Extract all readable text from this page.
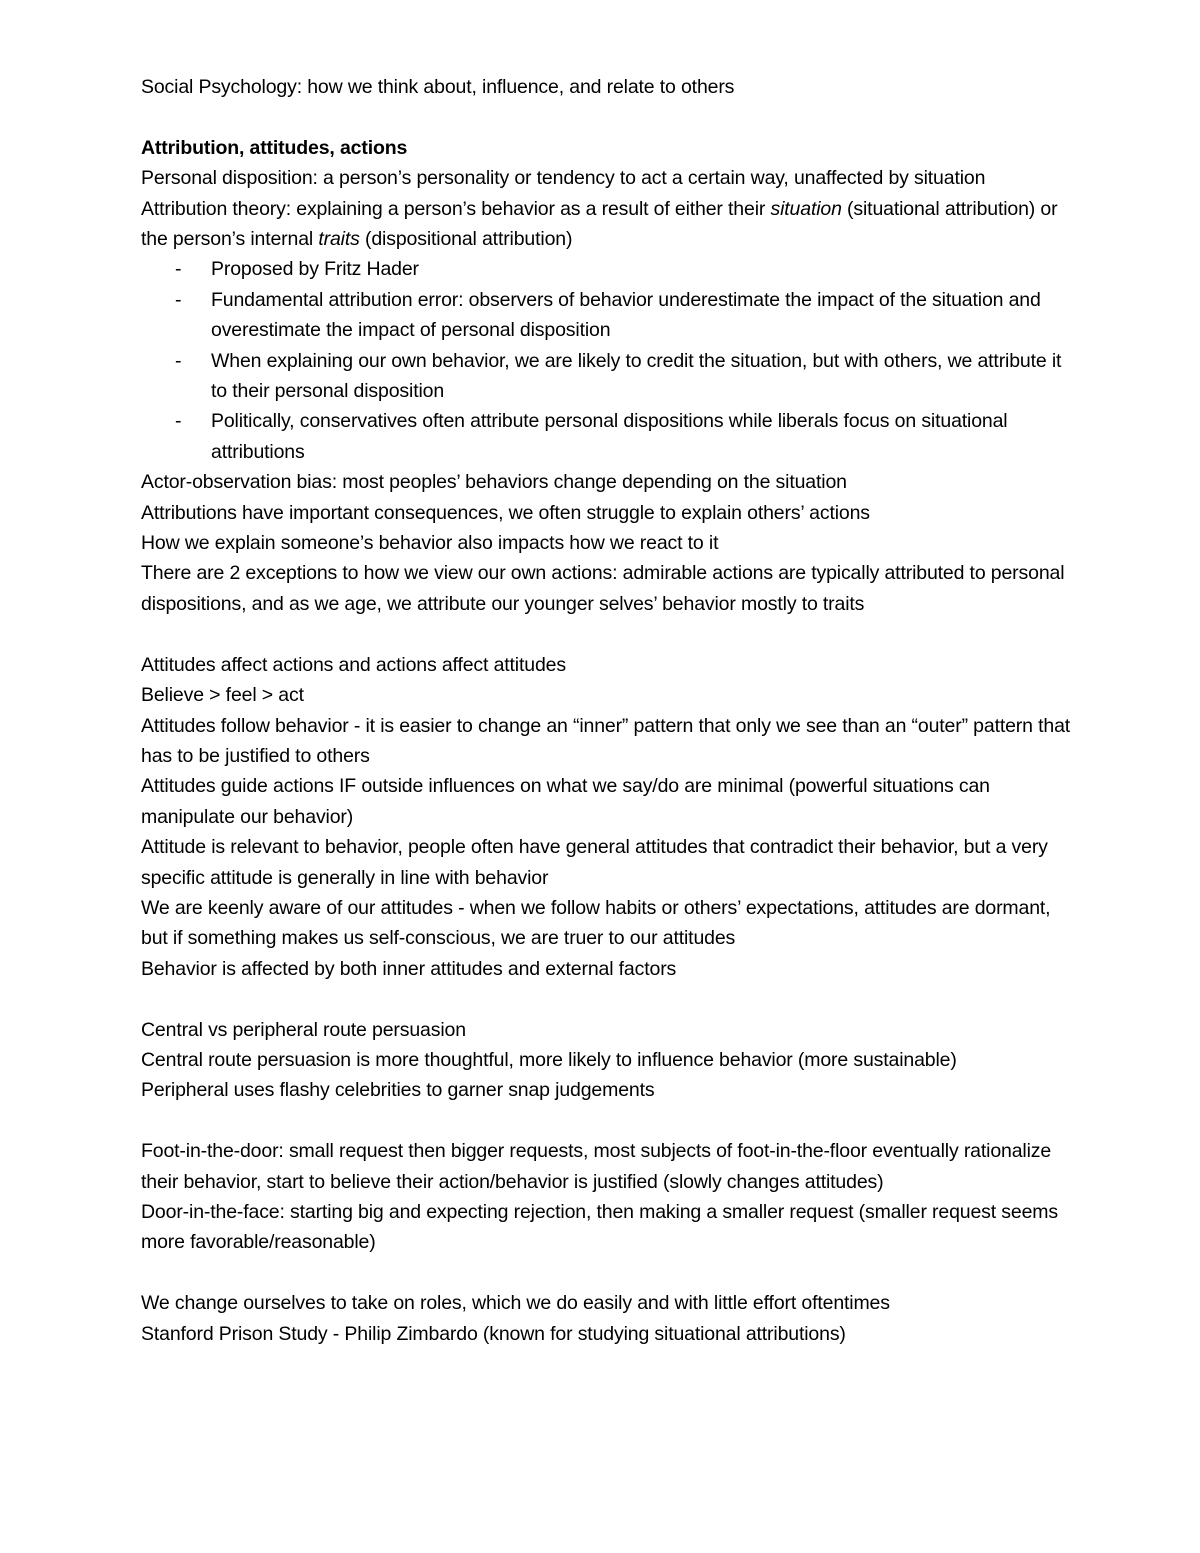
Social Psychology: how we think about, influence, and relate to others
Attribution, attitudes, actions
Personal disposition: a person’s personality or tendency to act a certain way, unaffected by situation
Attribution theory: explaining a person’s behavior as a result of either their situation (situational attribution) or the person’s internal traits (dispositional attribution)
- Proposed by Fritz Hader
- Fundamental attribution error: observers of behavior underestimate the impact of the situation and overestimate the impact of personal disposition
- When explaining our own behavior, we are likely to credit the situation, but with others, we attribute it to their personal disposition
- Politically, conservatives often attribute personal dispositions while liberals focus on situational attributions
Actor-observation bias: most peoples’ behaviors change depending on the situation
Attributions have important consequences, we often struggle to explain others’ actions
How we explain someone’s behavior also impacts how we react to it
There are 2 exceptions to how we view our own actions: admirable actions are typically attributed to personal dispositions, and as we age, we attribute our younger selves’ behavior mostly to traits
Attitudes affect actions and actions affect attitudes
Believe > feel > act
Attitudes follow behavior - it is easier to change an “inner” pattern that only we see than an “outer” pattern that has to be justified to others
Attitudes guide actions IF outside influences on what we say/do are minimal (powerful situations can manipulate our behavior)
Attitude is relevant to behavior, people often have general attitudes that contradict their behavior, but a very specific attitude is generally in line with behavior
We are keenly aware of our attitudes - when we follow habits or others’ expectations, attitudes are dormant, but if something makes us self-conscious, we are truer to our attitudes
Behavior is affected by both inner attitudes and external factors
Central vs peripheral route persuasion
Central route persuasion is more thoughtful, more likely to influence behavior (more sustainable)
Peripheral uses flashy celebrities to garner snap judgements
Foot-in-the-door: small request then bigger requests, most subjects of foot-in-the-floor eventually rationalize their behavior, start to believe their action/behavior is justified (slowly changes attitudes)
Door-in-the-face: starting big and expecting rejection, then making a smaller request (smaller request seems more favorable/reasonable)
We change ourselves to take on roles, which we do easily and with little effort oftentimes
Stanford Prison Study - Philip Zimbardo (known for studying situational attributions)
